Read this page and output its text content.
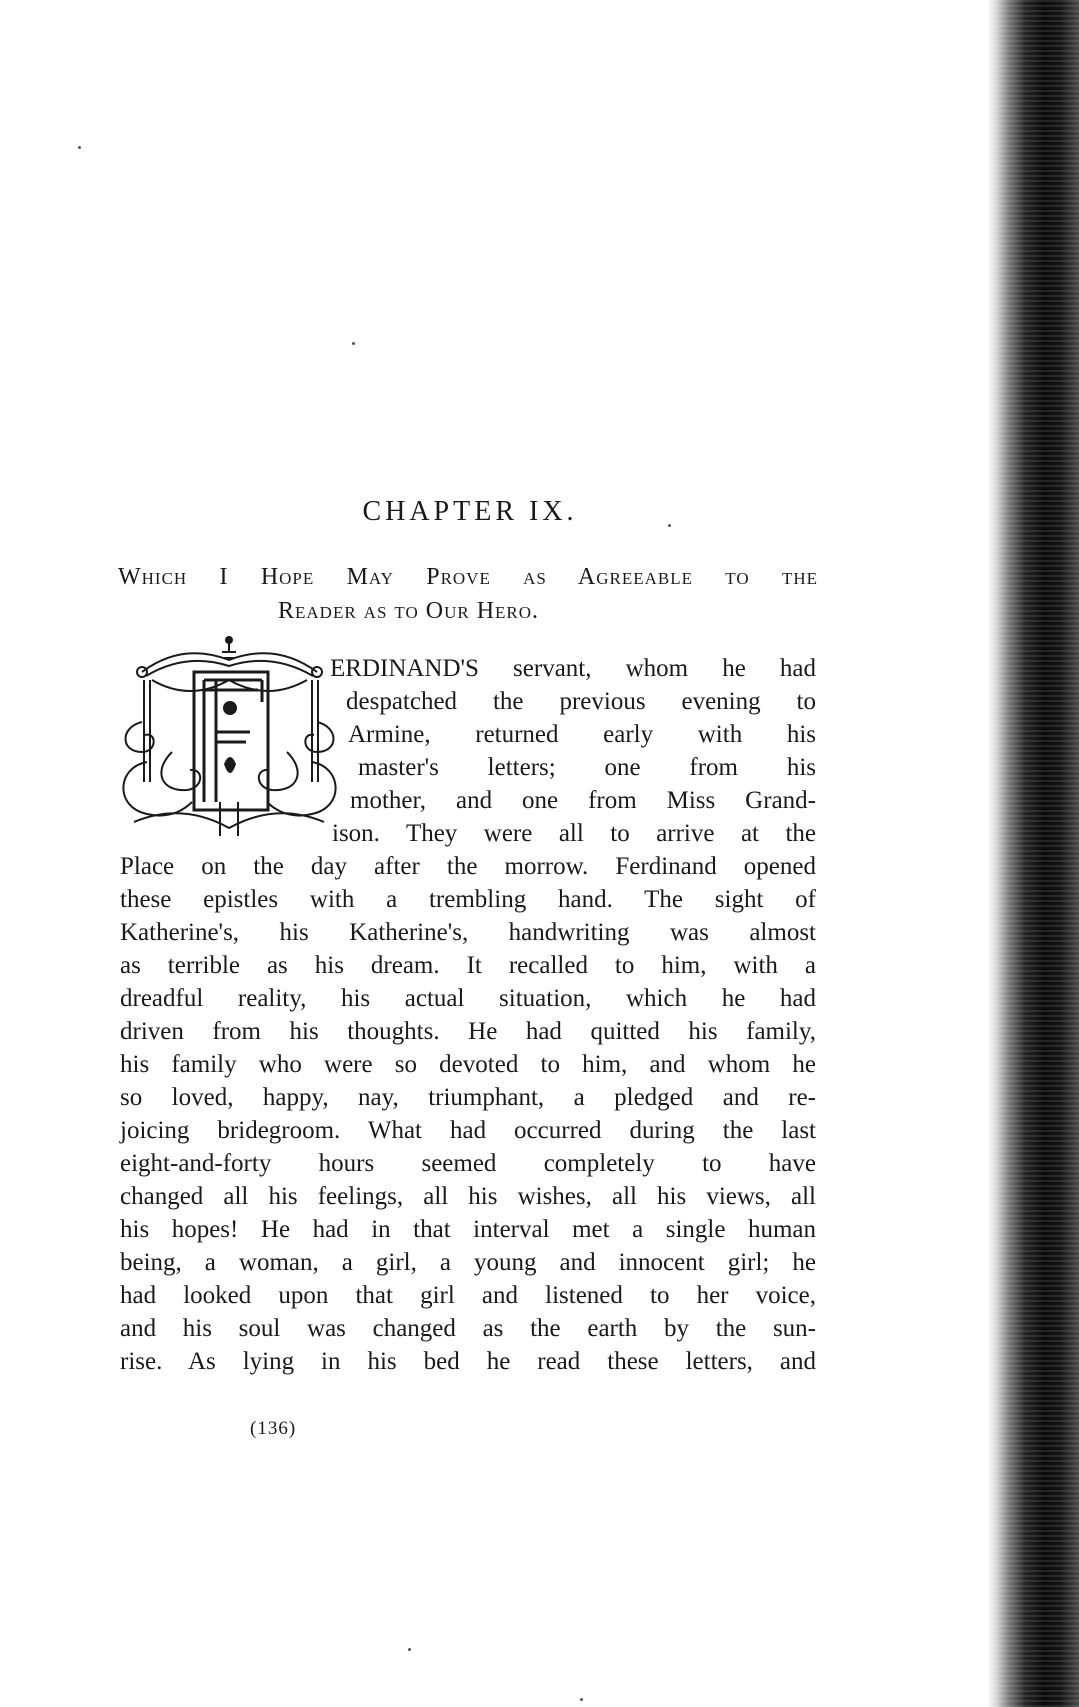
CHAPTER IX.
Which I Hope May Prove as Agreeable to the
Reader as to Our Hero.
ERDINAND'S servant, whom he had
despatched the previous evening to
Armine, returned early with his
master's letters; one from his
mother, and one from Miss Grand-
ison. They were all to arrive at the
Place on the day after the morrow. Ferdinand opened
these epistles with a trembling hand. The sight of
Katherine's, his Katherine's, handwriting was almost
as terrible as his dream. It recalled to him, with a
dreadful reality, his actual situation, which he had
driven from his thoughts. He had quitted his family,
his family who were so devoted to him, and whom he
so loved, happy, nay, triumphant, a pledged and re-
joicing bridegroom. What had occurred during the last
eight-and-forty hours seemed completely to have
changed all his feelings, all his wishes, all his views, all
his hopes! He had in that interval met a single human
being, a woman, a girl, a young and innocent girl; he
had looked upon that girl and listened to her voice,
and his soul was changed as the earth by the sun-
rise. As lying in his bed he read these letters, and
(136)
